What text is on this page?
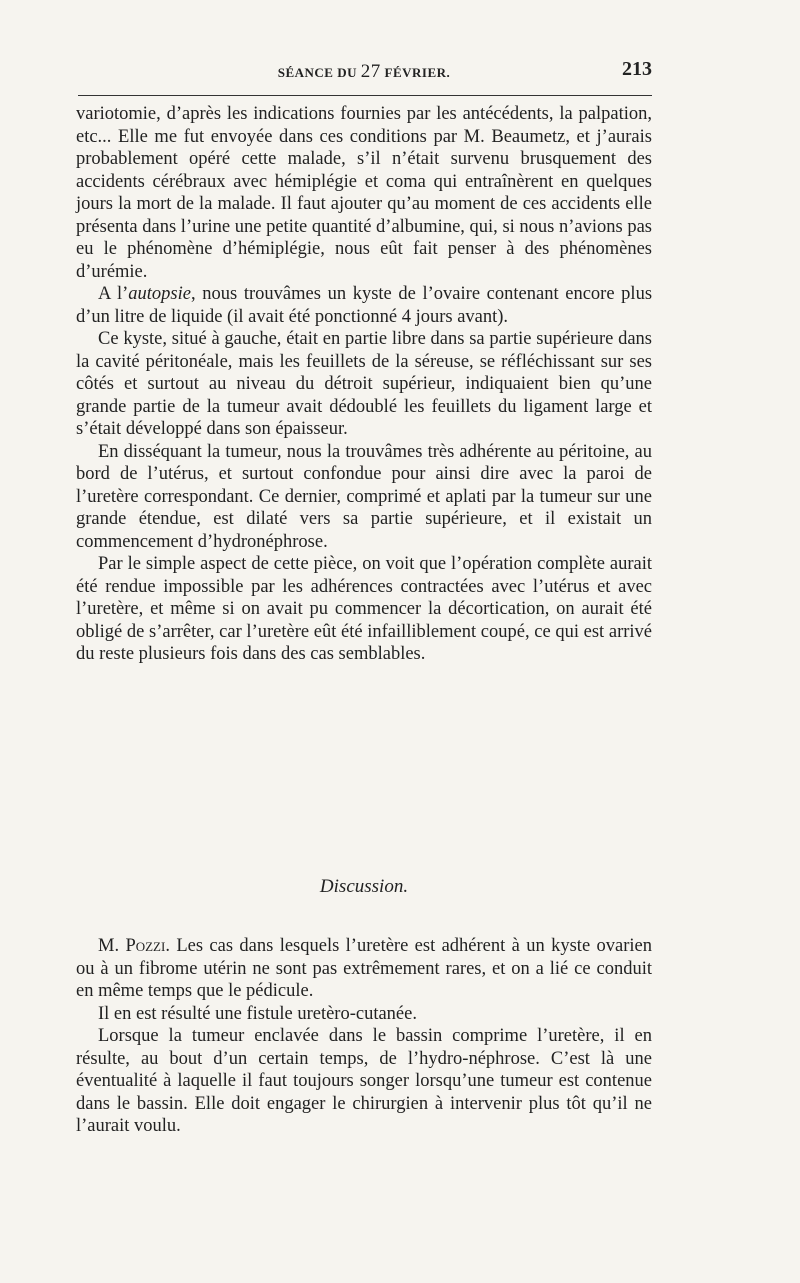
SÉANCE DU 27 FÉVRIER.	213

variotomie, d’après les indications fournies par les antécédents, la palpation, etc... Elle me fut envoyée dans ces conditions par M. Beaumetz, et j’aurais probablement opéré cette malade, s’il n’était survenu brusquement des accidents cérébraux avec hémiplégie et coma qui entraînèrent en quelques jours la mort de la malade. Il faut ajouter qu’au moment de ces accidents elle présenta dans l’urine une petite quantité d’albumine, qui, si nous n’avions pas eu le phénomène d’hémiplégie, nous eût fait penser à des phénomènes d’urémie.

A l’autopsie, nous trouvâmes un kyste de l’ovaire contenant encore plus d’un litre de liquide (il avait été ponctionné 4 jours avant).

Ce kyste, situé à gauche, était en partie libre dans sa partie supérieure dans la cavité péritonéale, mais les feuillets de la séreuse, se réfléchissant sur ses côtés et surtout au niveau du détroit supérieur, indiquaient bien qu’une grande partie de la tumeur avait dédoublé les feuillets du ligament large et s’était développé dans son épaisseur.

En disséquant la tumeur, nous la trouvâmes très adhérente au péritoine, au bord de l’utérus, et surtout confondue pour ainsi dire avec la paroi de l’uretère correspondant. Ce dernier, comprimé et aplati par la tumeur sur une grande étendue, est dilaté vers sa partie supérieure, et il existait un commencement d’hydronéphrose.

Par le simple aspect de cette pièce, on voit que l’opération complète aurait été rendue impossible par les adhérences contractées avec l’utérus et avec l’uretère, et même si on avait pu commencer la décortication, on aurait été obligé de s’arrêter, car l’uretère eût été infailliblement coupé, ce qui est arrivé du reste plusieurs fois dans des cas semblables.

Discussion.

M. Pozzi. Les cas dans lesquels l’uretère est adhérent à un kyste ovarien ou à un fibrome utérin ne sont pas extrêmement rares, et on a lié ce conduit en même temps que le pédicule.

Il en est résulté une fistule uretèro-cutanée.

Lorsque la tumeur enclavée dans le bassin comprime l’uretère, il en résulte, au bout d’un certain temps, de l’hydro-néphrose. C’est là une éventualité à laquelle il faut toujours songer lorsqu’une tumeur est contenue dans le bassin. Elle doit engager le chirurgien à intervenir plus tôt qu’il ne l’aurait voulu.
